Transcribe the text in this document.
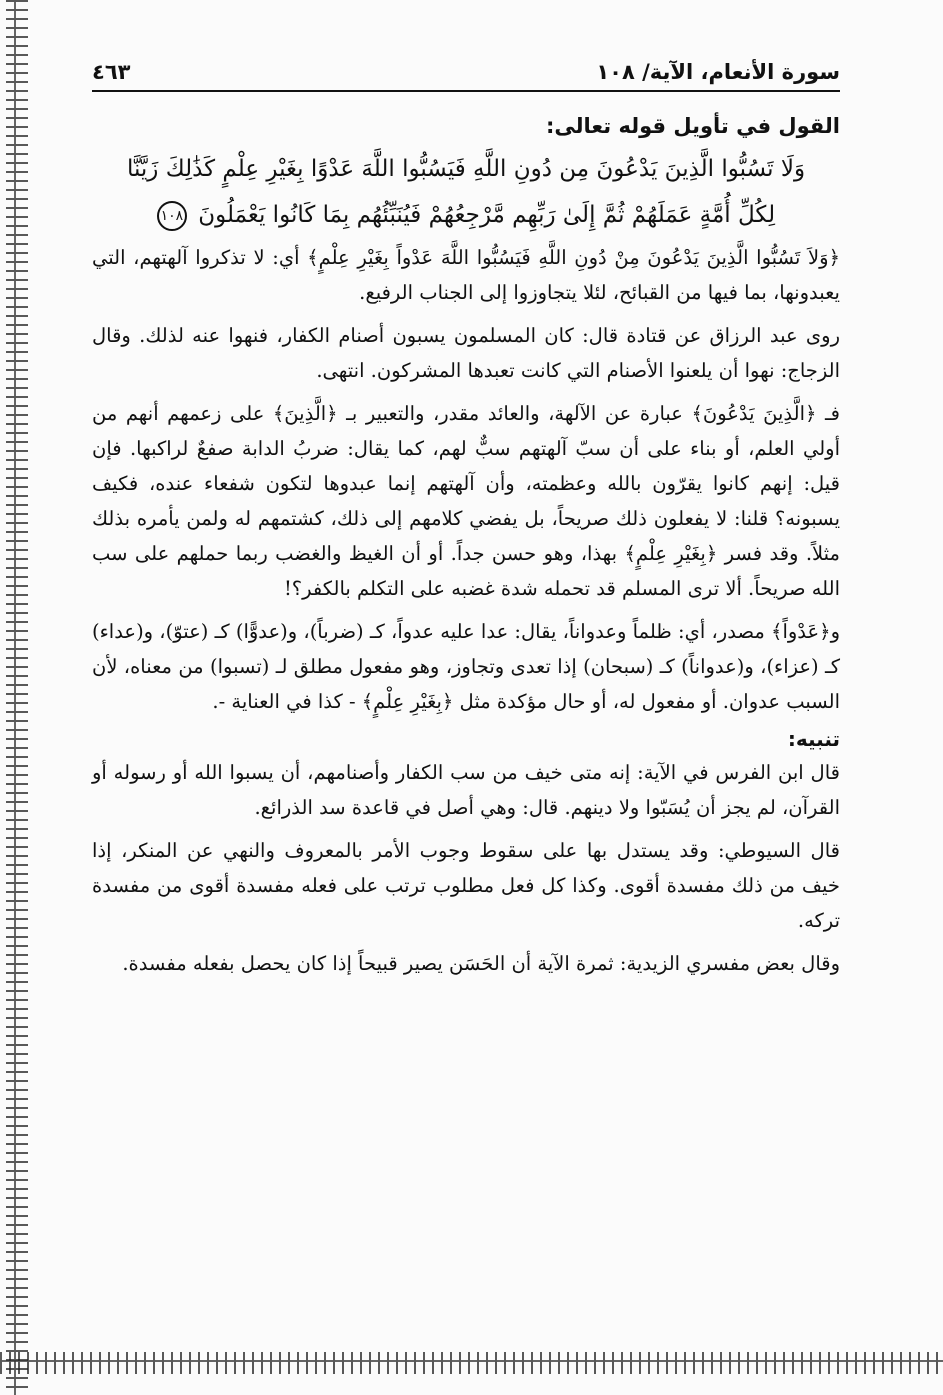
سورة الأنعام، الآية/ ١٠٨
٤٦٣
القول في تأويل قوله تعالى:
وَلَا تَسُبُّوا الَّذِينَ يَدْعُونَ مِن دُونِ اللَّهِ فَيَسُبُّوا اللَّهَ عَدْوًا بِغَيْرِ عِلْمٍ كَذَٰلِكَ زَيَّنَّا
لِكُلِّ أُمَّةٍ عَمَلَهُمْ ثُمَّ إِلَىٰ رَبِّهِم مَّرْجِعُهُمْ فَيُنَبِّئُهُم بِمَا كَانُوا يَعْمَلُونَ ١٠٨

﴿وَلاَ تَسُبُّوا الَّذِينَ يَدْعُونَ مِنْ دُونِ اللَّهِ فَيَسُبُّوا اللَّهَ عَدْواً بِغَيْرِ عِلْمٍ﴾ أي: لا تذكروا آلهتهم، التي يعبدونها، بما فيها من القبائح، لئلا يتجاوزوا إلى الجناب الرفيع.

روى عبد الرزاق عن قتادة قال: كان المسلمون يسبون أصنام الكفار، فنهوا عنه لذلك. وقال الزجاج: نهوا أن يلعنوا الأصنام التي كانت تعبدها المشركون. انتهى.

فـ ﴿الَّذِينَ يَدْعُونَ﴾ عبارة عن الآلهة، والعائد مقدر، والتعبير بـ ﴿الَّذِينَ﴾ على زعمهم أنهم من أولي العلم، أو بناء على أن سبّ آلهتهم سبٌّ لهم، كما يقال: ضربُ الدابة صفعٌ لراكبها. فإن قيل: إنهم كانوا يقرّون بالله وعظمته، وأن آلهتهم إنما عبدوها لتكون شفعاء عنده، فكيف يسبونه؟ قلنا: لا يفعلون ذلك صريحاً، بل يفضي كلامهم إلى ذلك، كشتمهم له ولمن يأمره بذلك مثلاً. وقد فسر ﴿بِغَيْرِ عِلْمٍ﴾ بهذا، وهو حسن جداً. أو أن الغيظ والغضب ربما حملهم على سب الله صريحاً. ألا ترى المسلم قد تحمله شدة غضبه على التكلم بالكفر؟!

و﴿عَدْواً﴾ مصدر، أي: ظلماً وعدواناً، يقال: عدا عليه عدواً، كـ (ضرباً)، و(عدوًّا) كـ (عتوّ)، و(عداء) كـ (عزاء)، و(عدواناً) كـ (سبحان) إذا تعدى وتجاوز، وهو مفعول مطلق لـ (تسبوا) من معناه، لأن السبب عدوان. أو مفعول له، أو حال مؤكدة مثل ﴿بِغَيْرِ عِلْمٍ﴾ - كذا في العناية -.

تنبيه:

قال ابن الفرس في الآية: إنه متى خيف من سب الكفار وأصنامهم، أن يسبوا الله أو رسوله أو القرآن، لم يجز أن يُسَبّوا ولا دينهم. قال: وهي أصل في قاعدة سد الذرائع.

قال السيوطي: وقد يستدل بها على سقوط وجوب الأمر بالمعروف والنهي عن المنكر، إذا خيف من ذلك مفسدة أقوى. وكذا كل فعل مطلوب ترتب على فعله مفسدة أقوى من مفسدة تركه.

وقال بعض مفسري الزيدية: ثمرة الآية أن الحَسَن يصير قبيحاً إذا كان يحصل بفعله مفسدة.
